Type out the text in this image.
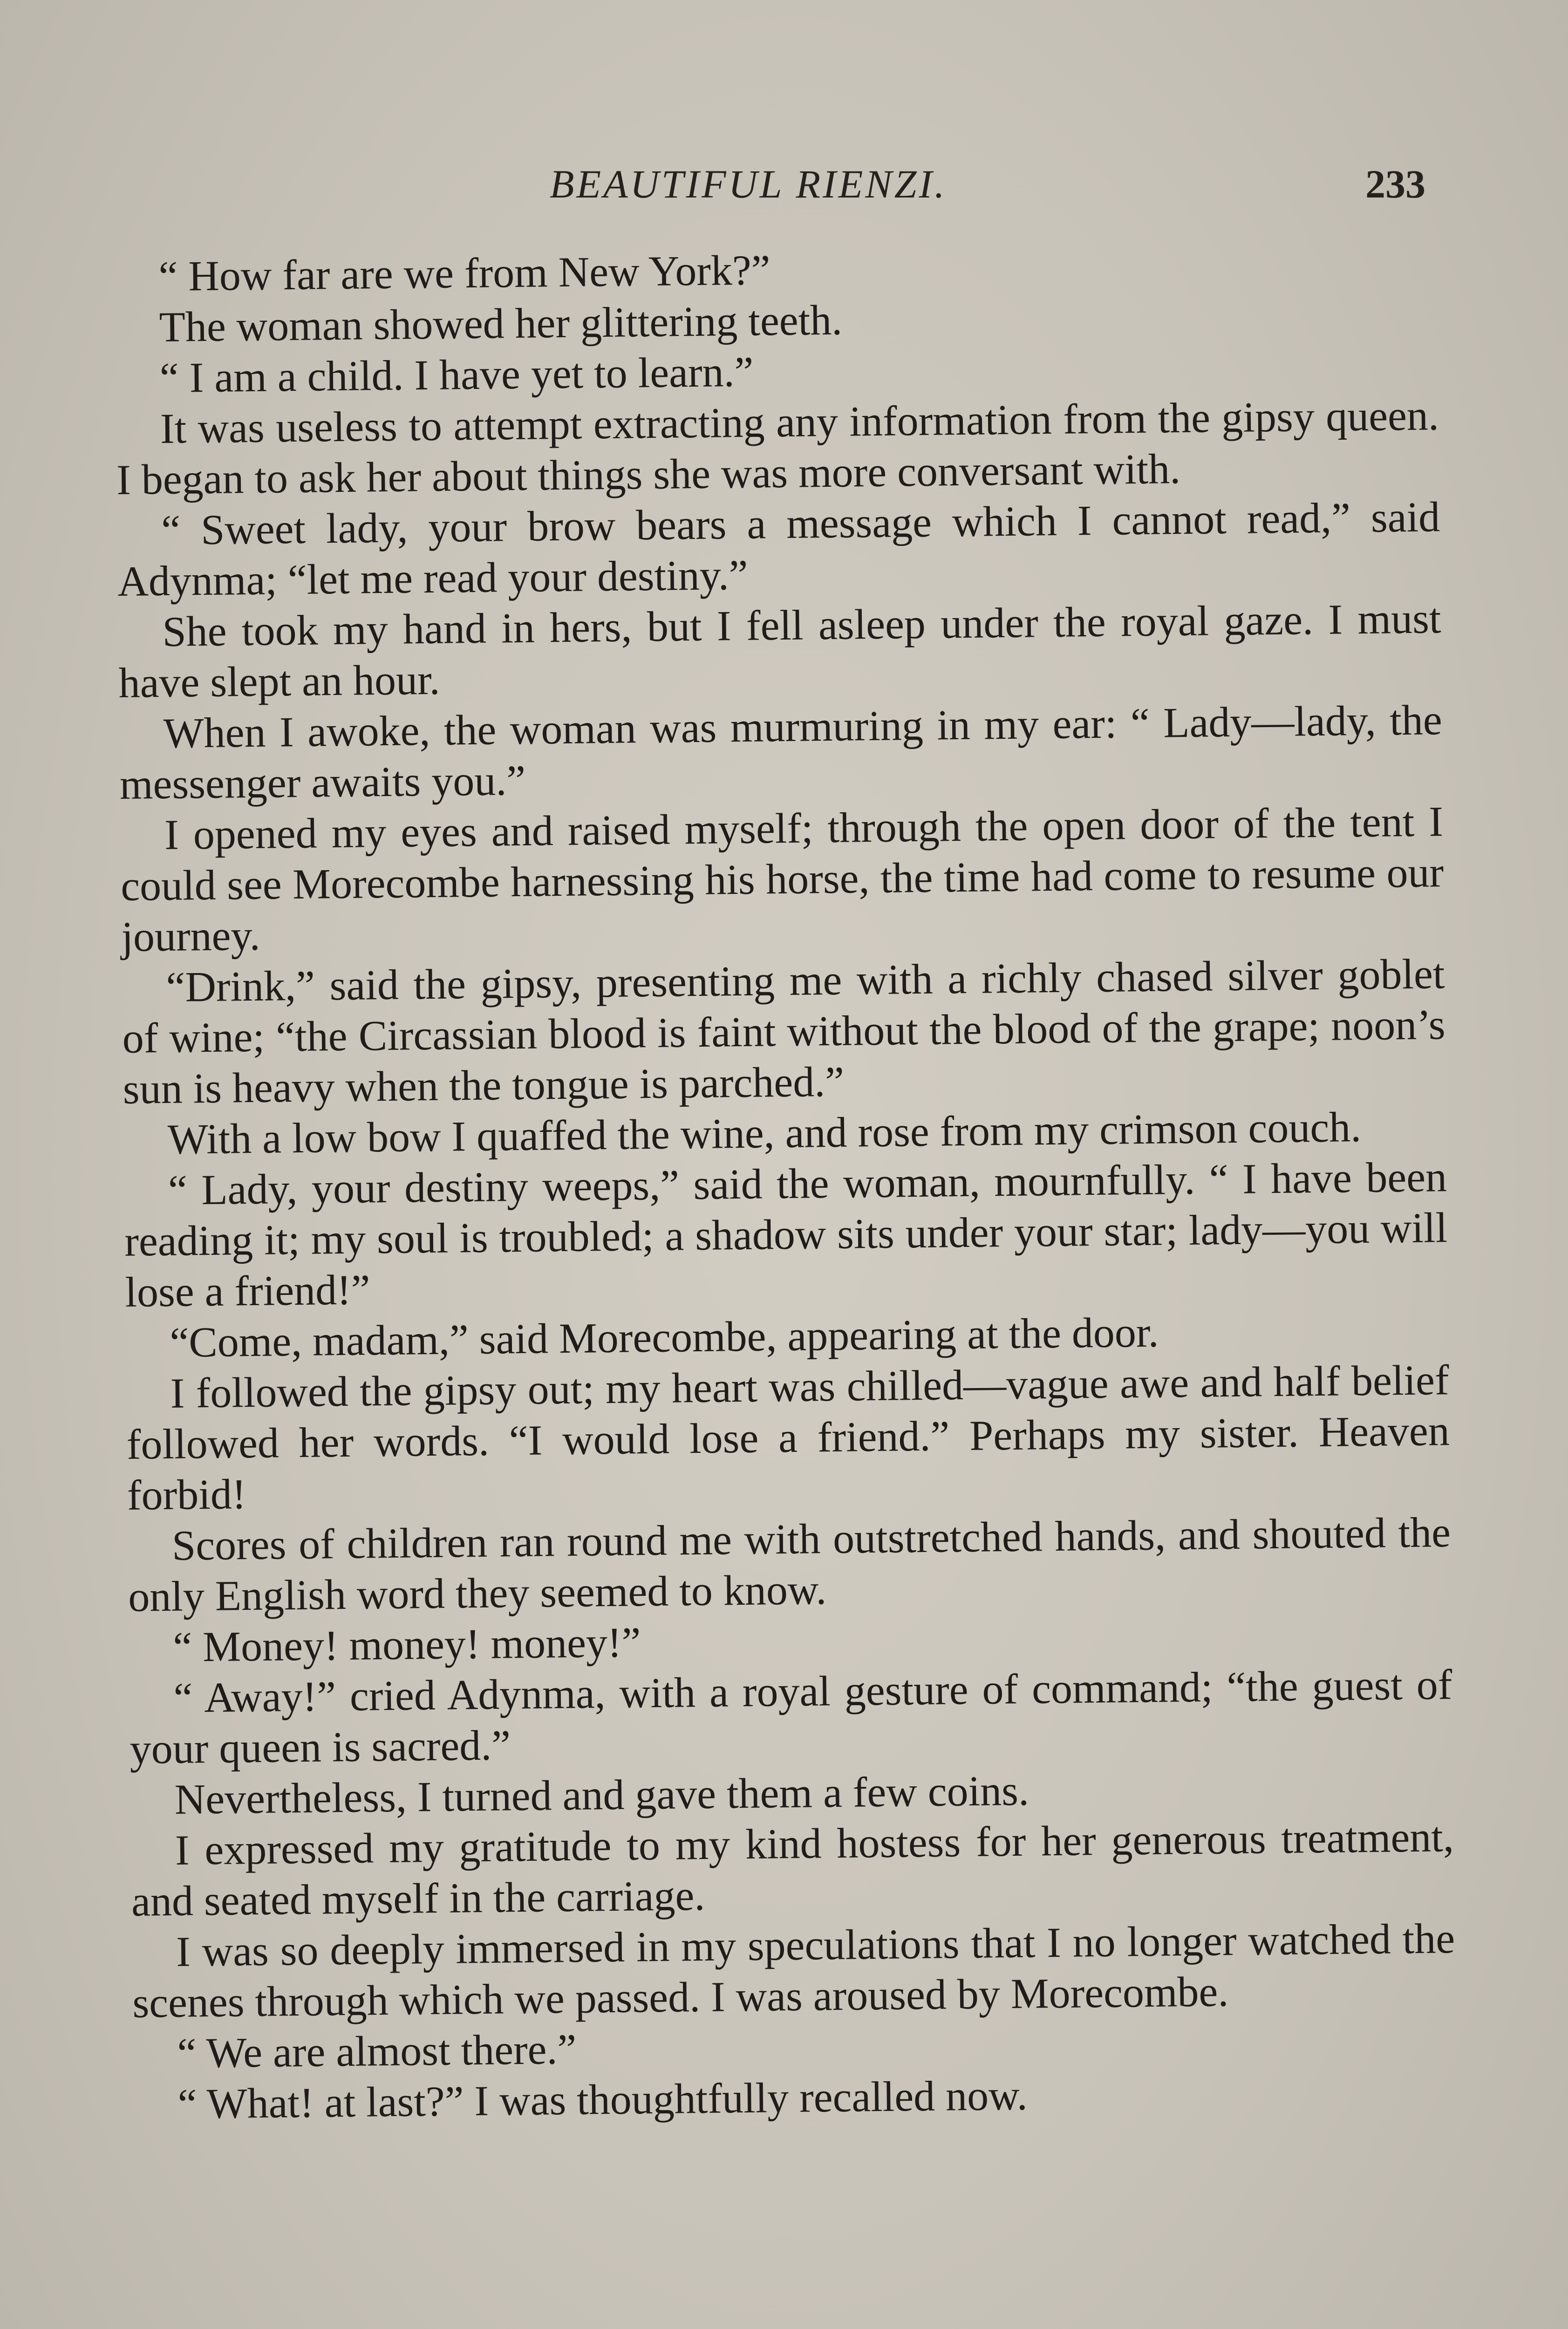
BEAUTIFUL RIENZI.	233

“ How far are we from New York?”

The woman showed her glittering teeth.

“ I am a child. I have yet to learn.”

It was useless to attempt extracting any information from the gipsy queen. I began to ask her about things she was more conversant with.

“ Sweet lady, your brow bears a message which I cannot read,” said Adynma; “let me read your destiny.”

She took my hand in hers, but I fell asleep under the royal gaze. I must have slept an hour.

When I awoke, the woman was murmuring in my ear: “ Lady—lady, the messenger awaits you.”

I opened my eyes and raised myself; through the open door of the tent I could see Morecombe harnessing his horse, the time had come to resume our journey.

“Drink,” said the gipsy, presenting me with a richly chased silver goblet of wine; “the Circassian blood is faint without the blood of the grape; noon’s sun is heavy when the tongue is parched.”

With a low bow I quaffed the wine, and rose from my crimson couch.

“ Lady, your destiny weeps,” said the woman, mournfully. “ I have been reading it; my soul is troubled; a shadow sits under your star; lady—you will lose a friend!”

“Come, madam,” said Morecombe, appearing at the door.

I followed the gipsy out; my heart was chilled—vague awe and half belief followed her words. “I would lose a friend.” Perhaps my sister. Heaven forbid!

Scores of children ran round me with outstretched hands, and shouted the only English word they seemed to know.

“ Money! money! money!”

“ Away!” cried Adynma, with a royal gesture of command; “the guest of your queen is sacred.”

Nevertheless, I turned and gave them a few coins.

I expressed my gratitude to my kind hostess for her generous treatment, and seated myself in the carriage.

I was so deeply immersed in my speculations that I no longer watched the scenes through which we passed. I was aroused by Morecombe.

“ We are almost there.”

“ What! at last?” I was thoughtfully recalled now.
